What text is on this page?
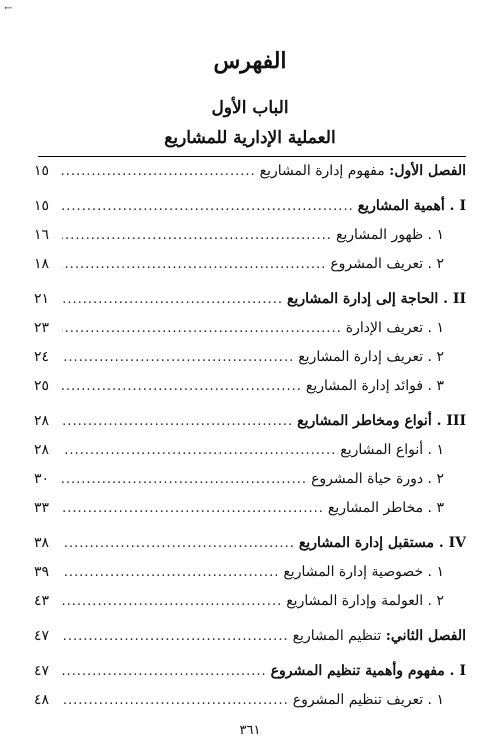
←
الفهرس
الباب الأول
العملية الإدارية للمشاريع
الفصل الأول: مفهوم إدارة المشاريع
.....
١٥
I . أهمية المشاريع
.....
١٥
١ . ظهور المشاريع
.....
١٦
٢ . تعريف المشروع
.....
١٨
II . الحاجة إلى إدارة المشاريع
.....
٢١
١ . تعريف الإدارة
.....
٢٣
٢ . تعريف إدارة المشاريع
.....
٢٤
٣ . فوائد إدارة المشاريع
.....
٢٥
III . أنواع ومخاطر المشاريع
.....
٢٨
١ . أنواع المشاريع
.....
٢٨
٢ . دورة حياة المشروع
.....
٣٠
٣ . مخاطر المشاريع
.....
٣٣
IV . مستقبل إدارة المشاريع
.....
٣٨
١ . خصوصية إدارة المشاريع
.....
٣٩
٢ . العولمة وإدارة المشاريع
.....
٤٣
الفصل الثاني: تنظيم المشاريع
.....
٤٧
I . مفهوم وأهمية تنظيم المشروع
.....
٤٧
١ . تعريف تنظيم المشروع
.....
٤٨
٣٦١
